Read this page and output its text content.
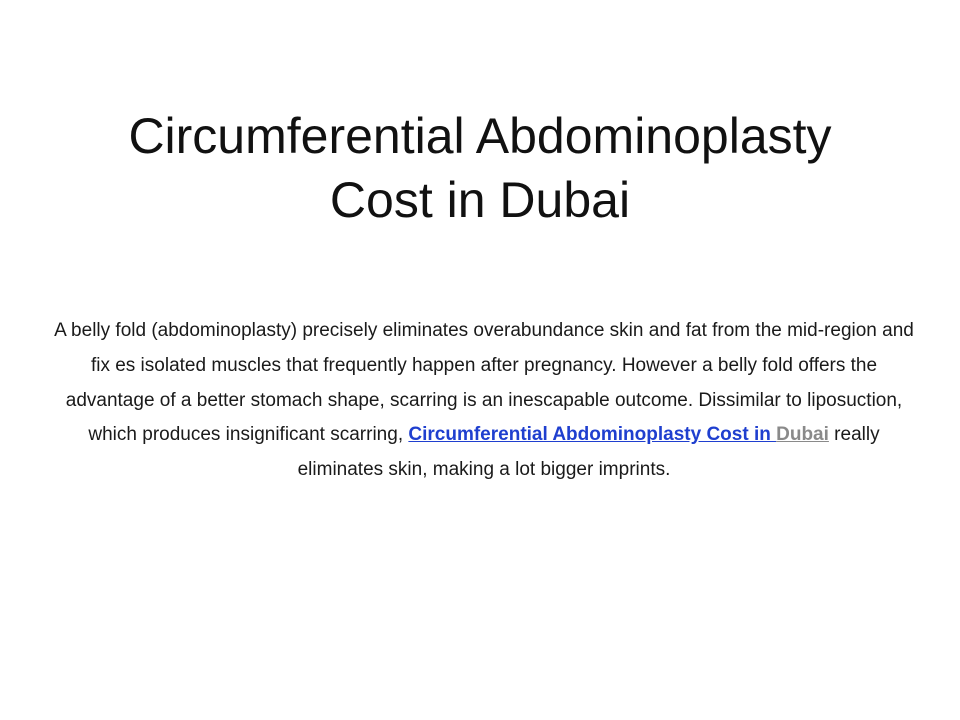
Circumferential Abdominoplasty
Cost in Dubai

A belly fold (abdominoplasty) precisely eliminates overabundance skin and fat from the mid-region and fix es isolated muscles that frequently happen after pregnancy. However a belly fold offers the advantage of a better stomach shape, scarring is an inescapable outcome. Dissimilar to liposuction, which produces insignificant scarring, Circumferential Abdominoplasty Cost in Dubai really eliminates skin, making a lot bigger imprints.
